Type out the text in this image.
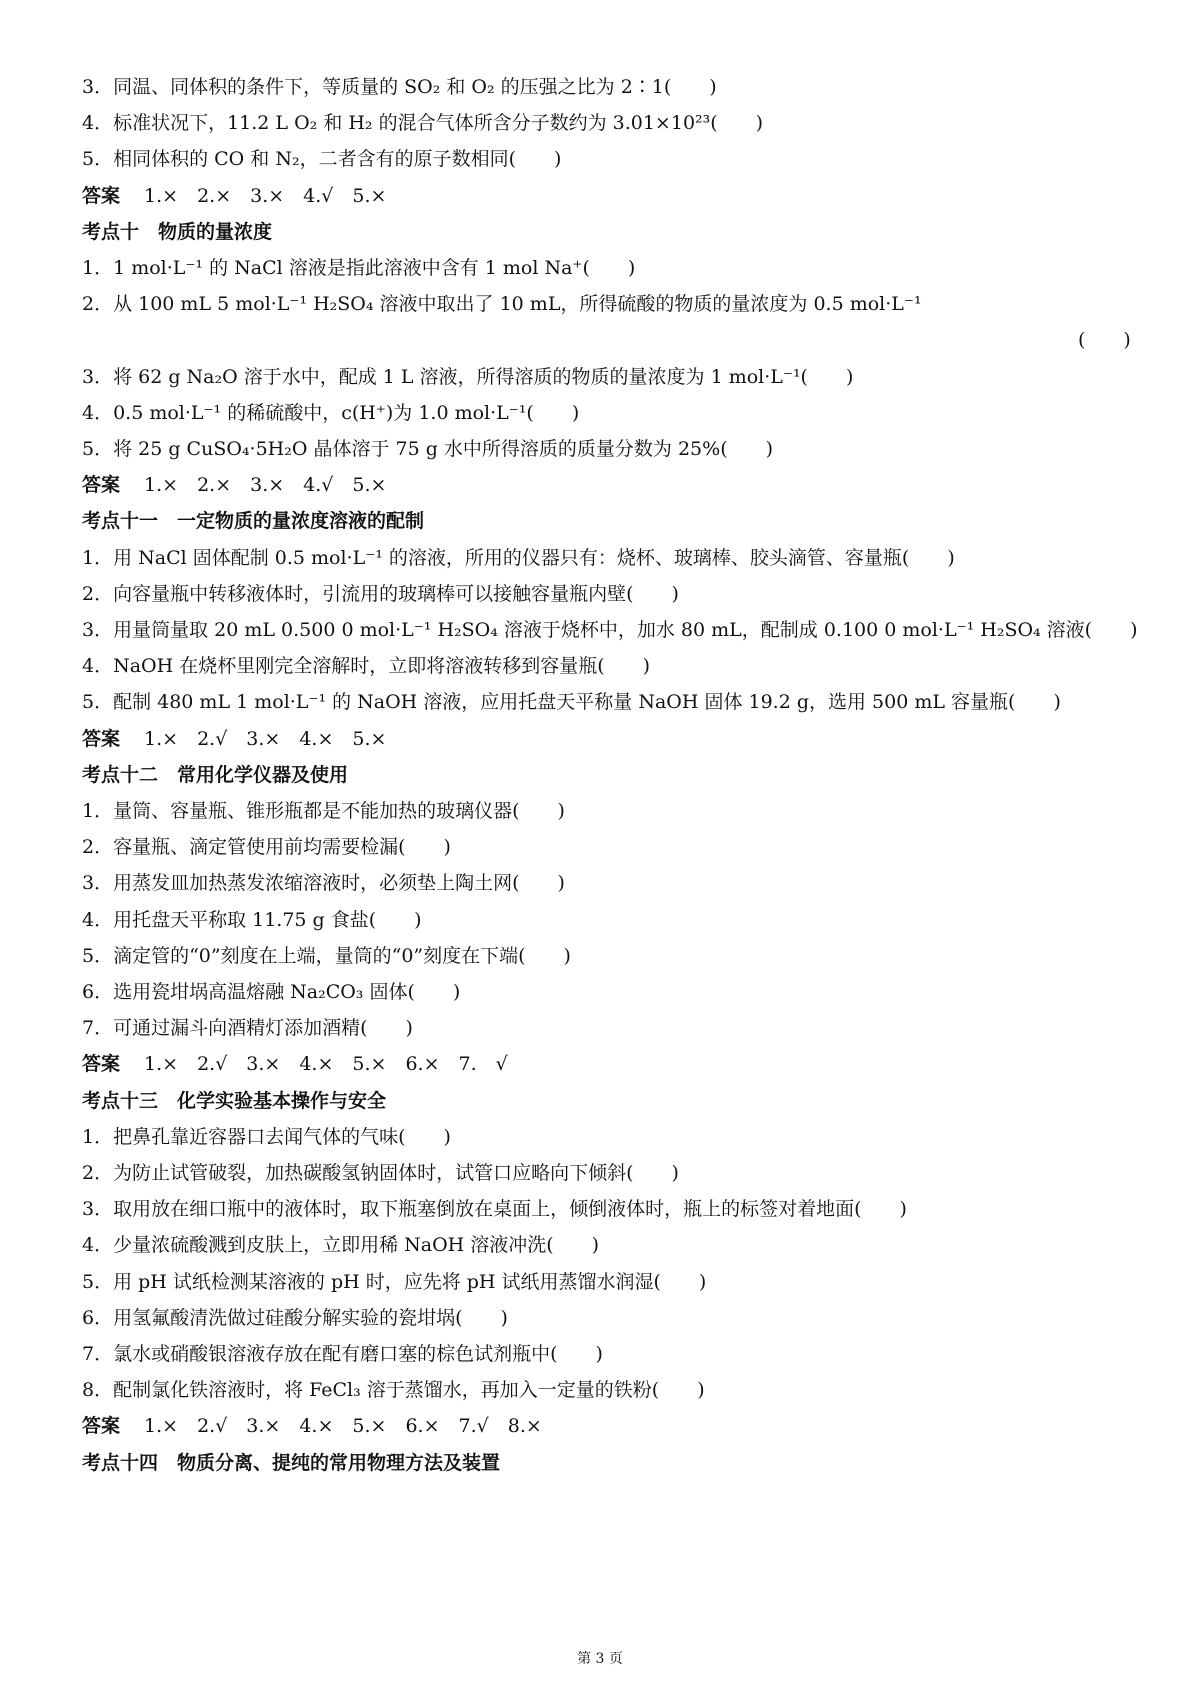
3．同温、同体积的条件下，等质量的 SO₂ 和 O₂ 的压强之比为 2∶1(　　)
4．标准状况下，11.2 L O₂ 和 H₂ 的混合气体所含分子数约为 3.01×10²³(　　)
5．相同体积的 CO 和 N₂，二者含有的原子数相同(　　)
答案 1.×　2.×　3.×　4.√　5.×
考点十　物质的量浓度
1．1 mol·L⁻¹ 的 NaCl 溶液是指此溶液中含有 1 mol Na⁺(　　)
2．从 100 mL 5 mol·L⁻¹ H₂SO₄ 溶液中取出了 10 mL，所得硫酸的物质的量浓度为 0.5 mol·L⁻¹
(　　)
3．将 62 g Na₂O 溶于水中，配成 1 L 溶液，所得溶质的物质的量浓度为 1 mol·L⁻¹(　　)
4．0.5 mol·L⁻¹ 的稀硫酸中，c(H⁺)为 1.0 mol·L⁻¹(　　)
5．将 25 g CuSO₄·5H₂O 晶体溶于 75 g 水中所得溶质的质量分数为 25%(　　)
答案 1.×　2.×　3.×　4.√　5.×
考点十一　一定物质的量浓度溶液的配制
1．用 NaCl 固体配制 0.5 mol·L⁻¹ 的溶液，所用的仪器只有：烧杯、玻璃棒、胶头滴管、容量瓶(　　)
2．向容量瓶中转移液体时，引流用的玻璃棒可以接触容量瓶内壁(　　)
3．用量筒量取 20 mL 0.500 0 mol·L⁻¹ H₂SO₄ 溶液于烧杯中，加水 80 mL，配制成 0.100 0 mol·L⁻¹ H₂SO₄ 溶液(　　)
4．NaOH 在烧杯里刚完全溶解时，立即将溶液转移到容量瓶(　　)
5．配制 480 mL 1 mol·L⁻¹ 的 NaOH 溶液，应用托盘天平称量 NaOH 固体 19.2 g，选用 500 mL 容量瓶(　　)
答案 1.×　2.√　3.×　4.×　5.×
考点十二　常用化学仪器及使用
1．量筒、容量瓶、锥形瓶都是不能加热的玻璃仪器(　　)
2．容量瓶、滴定管使用前均需要检漏(　　)
3．用蒸发皿加热蒸发浓缩溶液时，必须垫上陶土网(　　)
4．用托盘天平称取 11.75 g 食盐(　　)
5．滴定管的“0”刻度在上端，量筒的“0”刻度在下端(　　)
6．选用瓷坩埚高温熔融 Na₂CO₃ 固体(　　)
7．可通过漏斗向酒精灯添加酒精(　　)
答案 1.×　2.√　3.×　4.×　5.×　6.×　7.　√
考点十三　化学实验基本操作与安全
1．把鼻孔靠近容器口去闻气体的气味(　　)
2．为防止试管破裂，加热碳酸氢钠固体时，试管口应略向下倾斜(　　)
3．取用放在细口瓶中的液体时，取下瓶塞倒放在桌面上，倾倒液体时，瓶上的标签对着地面(　　)
4．少量浓硫酸溅到皮肤上，立即用稀 NaOH 溶液冲洗(　　)
5．用 pH 试纸检测某溶液的 pH 时，应先将 pH 试纸用蒸馏水润湿(　　)
6．用氢氟酸清洗做过硅酸分解实验的瓷坩埚(　　)
7．氯水或硝酸银溶液存放在配有磨口塞的棕色试剂瓶中(　　)
8．配制氯化铁溶液时，将 FeCl₃ 溶于蒸馏水，再加入一定量的铁粉(　　)
答案 1.×　2.√　3.×　4.×　5.×　6.×　7.√　8.×
考点十四　物质分离、提纯的常用物理方法及装置
第 3 页
